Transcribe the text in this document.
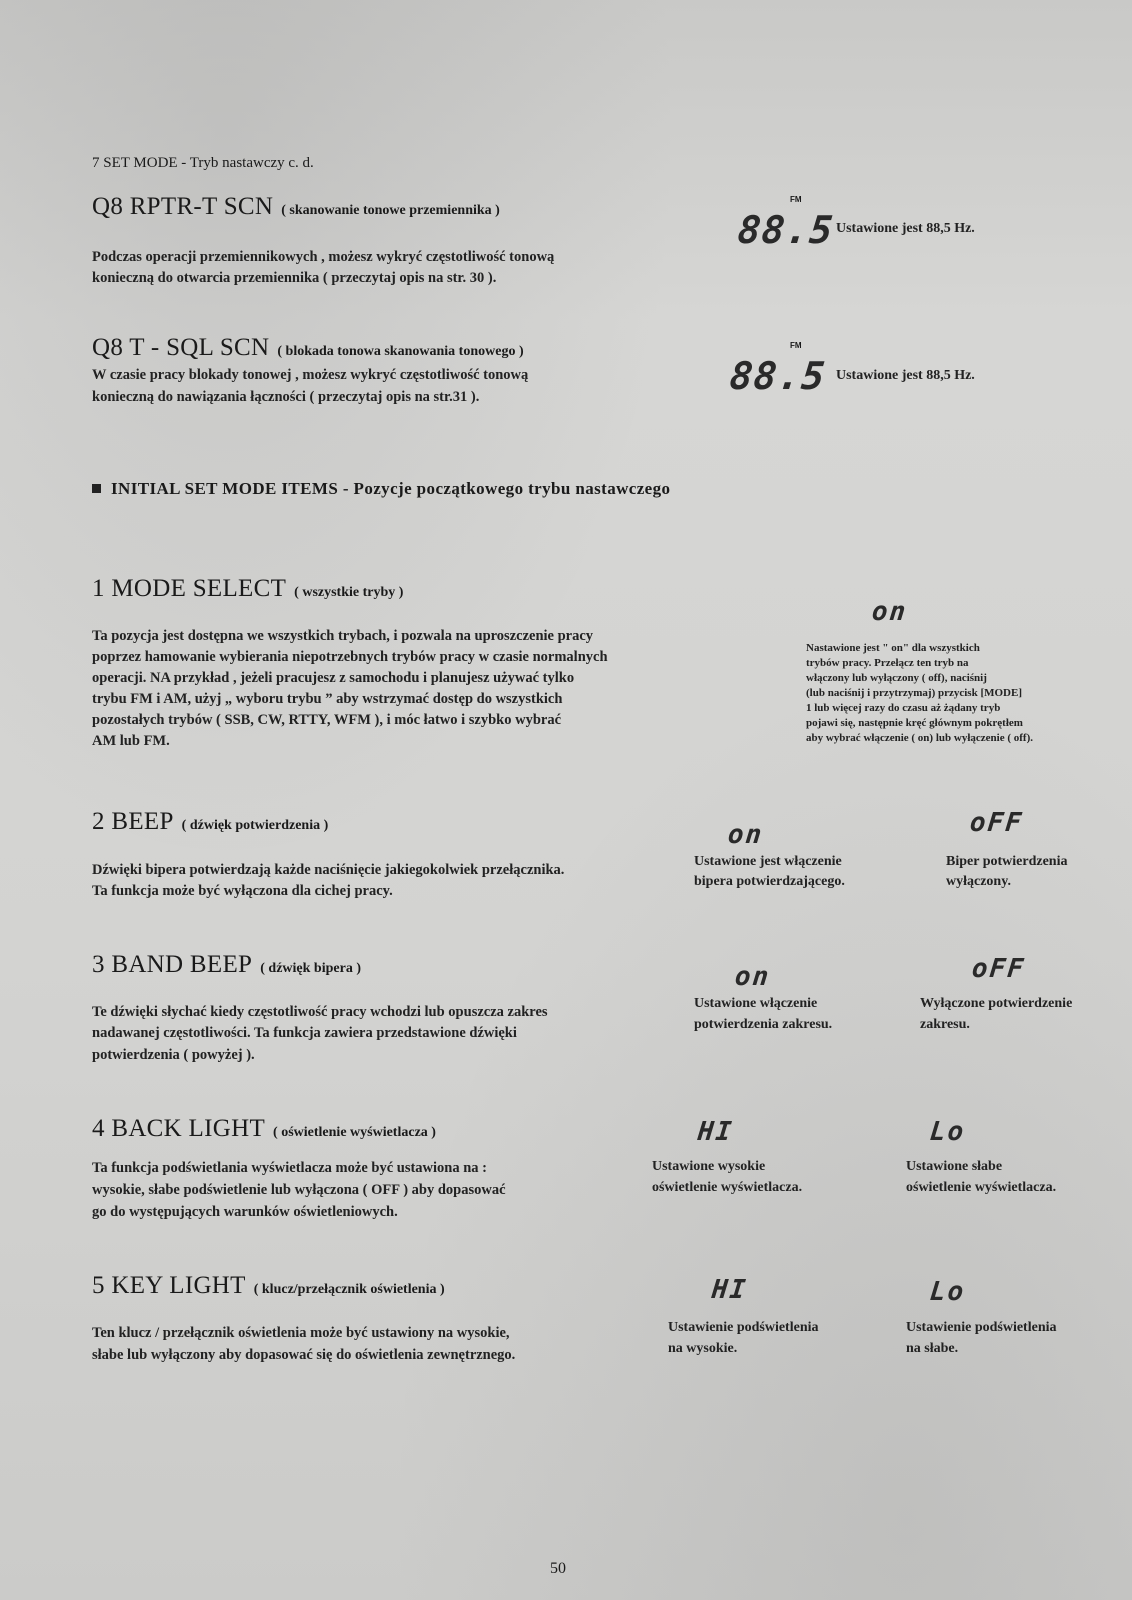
7 SET MODE - Tryb nastawczy c. d.
Q8 RPTR-T SCN ( skanowanie tonowe przemiennika )
Podczas operacji przemiennikowych , możesz wykryć częstotliwość tonową
konieczną do otwarcia przemiennika ( przeczytaj opis na str. 30 ).
FM
88.5 Ustawione jest 88,5 Hz.
Q8 T - SQL SCN ( blokada tonowa skanowania tonowego )
W czasie pracy blokady tonowej , możesz wykryć częstotliwość tonową
konieczną do nawiązania łączności ( przeczytaj opis na str.31 ).
FM
88.5 Ustawione jest 88,5 Hz.
INITIAL SET MODE ITEMS - Pozycje początkowego trybu nastawczego
1 MODE SELECT ( wszystkie tryby )
Ta pozycja jest dostępna we wszystkich trybach, i pozwala na uproszczenie pracy
poprzez hamowanie wybierania niepotrzebnych trybów pracy w czasie normalnych
operacji. NA przykład , jeżeli pracujesz z samochodu i planujesz używać tylko
trybu FM i AM, użyj „ wyboru trybu ” aby wstrzymać dostęp do wszystkich
pozostałych trybów ( SSB, CW, RTTY, WFM ), i móc łatwo i szybko wybrać
AM lub FM.
on
Nastawione jest " on" dla wszystkich
trybów pracy. Przełącz ten tryb na
włączony lub wyłączony ( off), naciśnij
(lub naciśnij i przytrzymaj) przycisk [MODE]
1 lub więcej razy do czasu aż żądany tryb
pojawi się, następnie kręć głównym pokrętłem
aby wybrać włączenie ( on) lub wyłączenie ( off).
2 BEEP ( dźwięk potwierdzenia )
Dźwięki bipera potwierdzają każde naciśnięcie jakiegokolwiek przełącznika.
Ta funkcja może być wyłączona dla cichej pracy.
on	oFF
Ustawione jest włączenie
bipera potwierdzającego.
Biper potwierdzenia
wyłączony.
3 BAND BEEP ( dźwięk bipera )
Te dźwięki słychać kiedy częstotliwość pracy wchodzi lub opuszcza zakres
nadawanej częstotliwości. Ta funkcja zawiera przedstawione dźwięki
potwierdzenia ( powyżej ).
on	oFF
Ustawione włączenie
potwierdzenia zakresu.
Wyłączone potwierdzenie
zakresu.
4 BACK LIGHT ( oświetlenie wyświetlacza )
Ta funkcja podświetlania wyświetlacza może być ustawiona na :
wysokie, słabe podświetlenie lub wyłączona ( OFF ) aby dopasować
go do występujących warunków oświetleniowych.
HI	Lo
Ustawione wysokie
oświetlenie wyświetlacza.
Ustawione słabe
oświetlenie wyświetlacza.
5 KEY LIGHT ( klucz/przełącznik oświetlenia )
Ten klucz / przełącznik oświetlenia może być ustawiony na wysokie,
słabe lub wyłączony aby dopasować się do oświetlenia zewnętrznego.
HI	Lo
Ustawienie podświetlenia
na wysokie.
Ustawienie podświetlenia
na słabe.
50
